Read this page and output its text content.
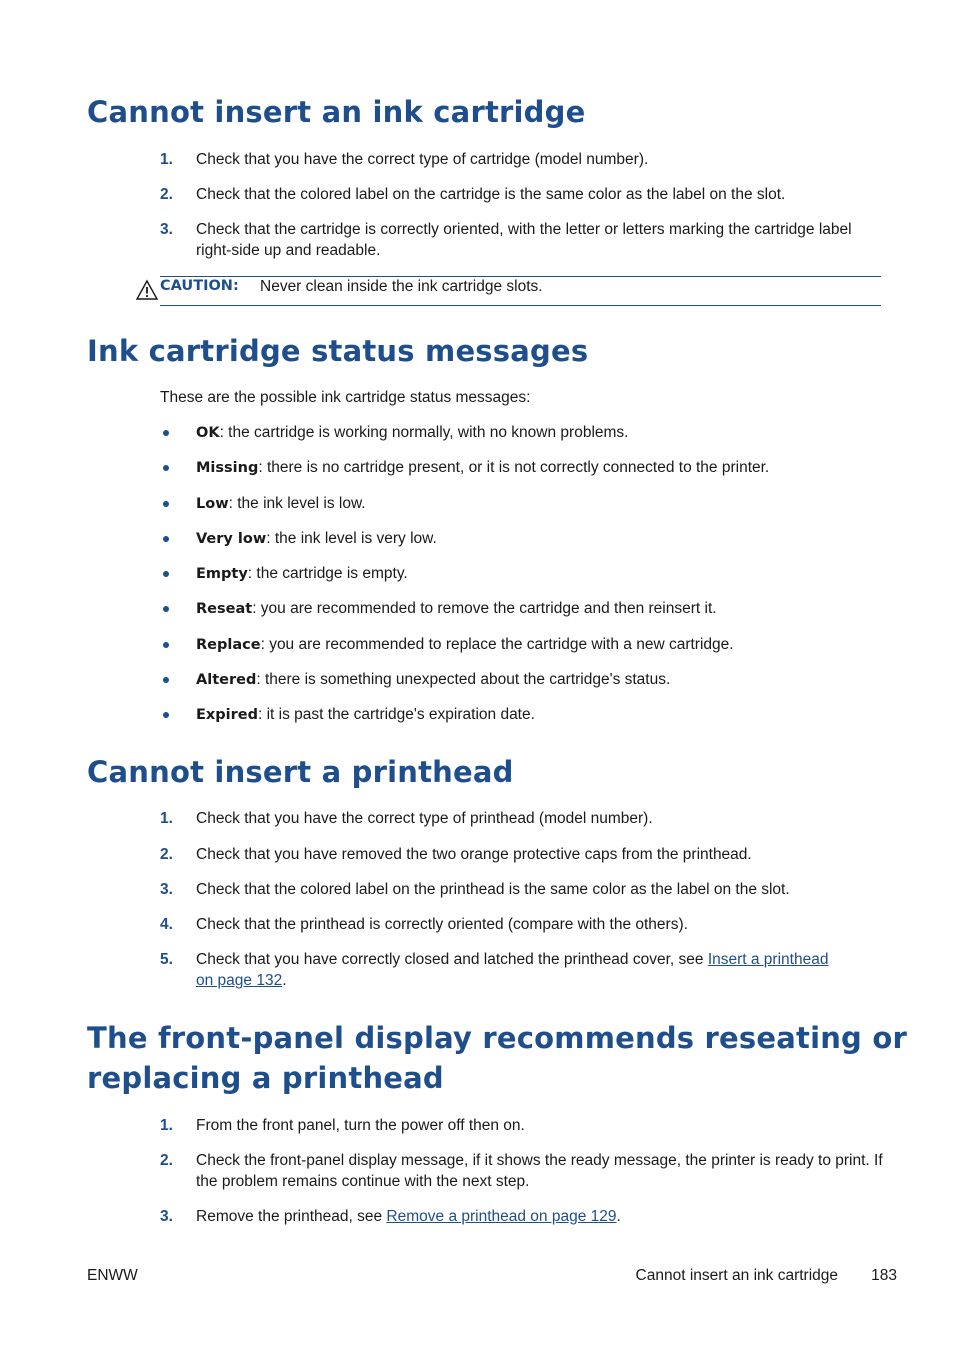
Cannot insert an ink cartridge
1.	Check that you have the correct type of cartridge (model number).
2.	Check that the colored label on the cartridge is the same color as the label on the slot.
3.	Check that the cartridge is correctly oriented, with the letter or letters marking the cartridge label right-side up and readable.
CAUTION: Never clean inside the ink cartridge slots.
Ink cartridge status messages
These are the possible ink cartridge status messages:
OK: the cartridge is working normally, with no known problems.
Missing: there is no cartridge present, or it is not correctly connected to the printer.
Low: the ink level is low.
Very low: the ink level is very low.
Empty: the cartridge is empty.
Reseat: you are recommended to remove the cartridge and then reinsert it.
Replace: you are recommended to replace the cartridge with a new cartridge.
Altered: there is something unexpected about the cartridge's status.
Expired: it is past the cartridge's expiration date.
Cannot insert a printhead
1.	Check that you have the correct type of printhead (model number).
2.	Check that you have removed the two orange protective caps from the printhead.
3.	Check that the colored label on the printhead is the same color as the label on the slot.
4.	Check that the printhead is correctly oriented (compare with the others).
5.	Check that you have correctly closed and latched the printhead cover, see Insert a printhead
on page 132.
The front-panel display recommends reseating or
replacing a printhead
1.	From the front panel, turn the power off then on.
2.	Check the front-panel display message, if it shows the ready message, the printer is ready to print. If the problem remains continue with the next step.
3.	Remove the printhead, see Remove a printhead on page 129.
ENWW	Cannot insert an ink cartridge 183
